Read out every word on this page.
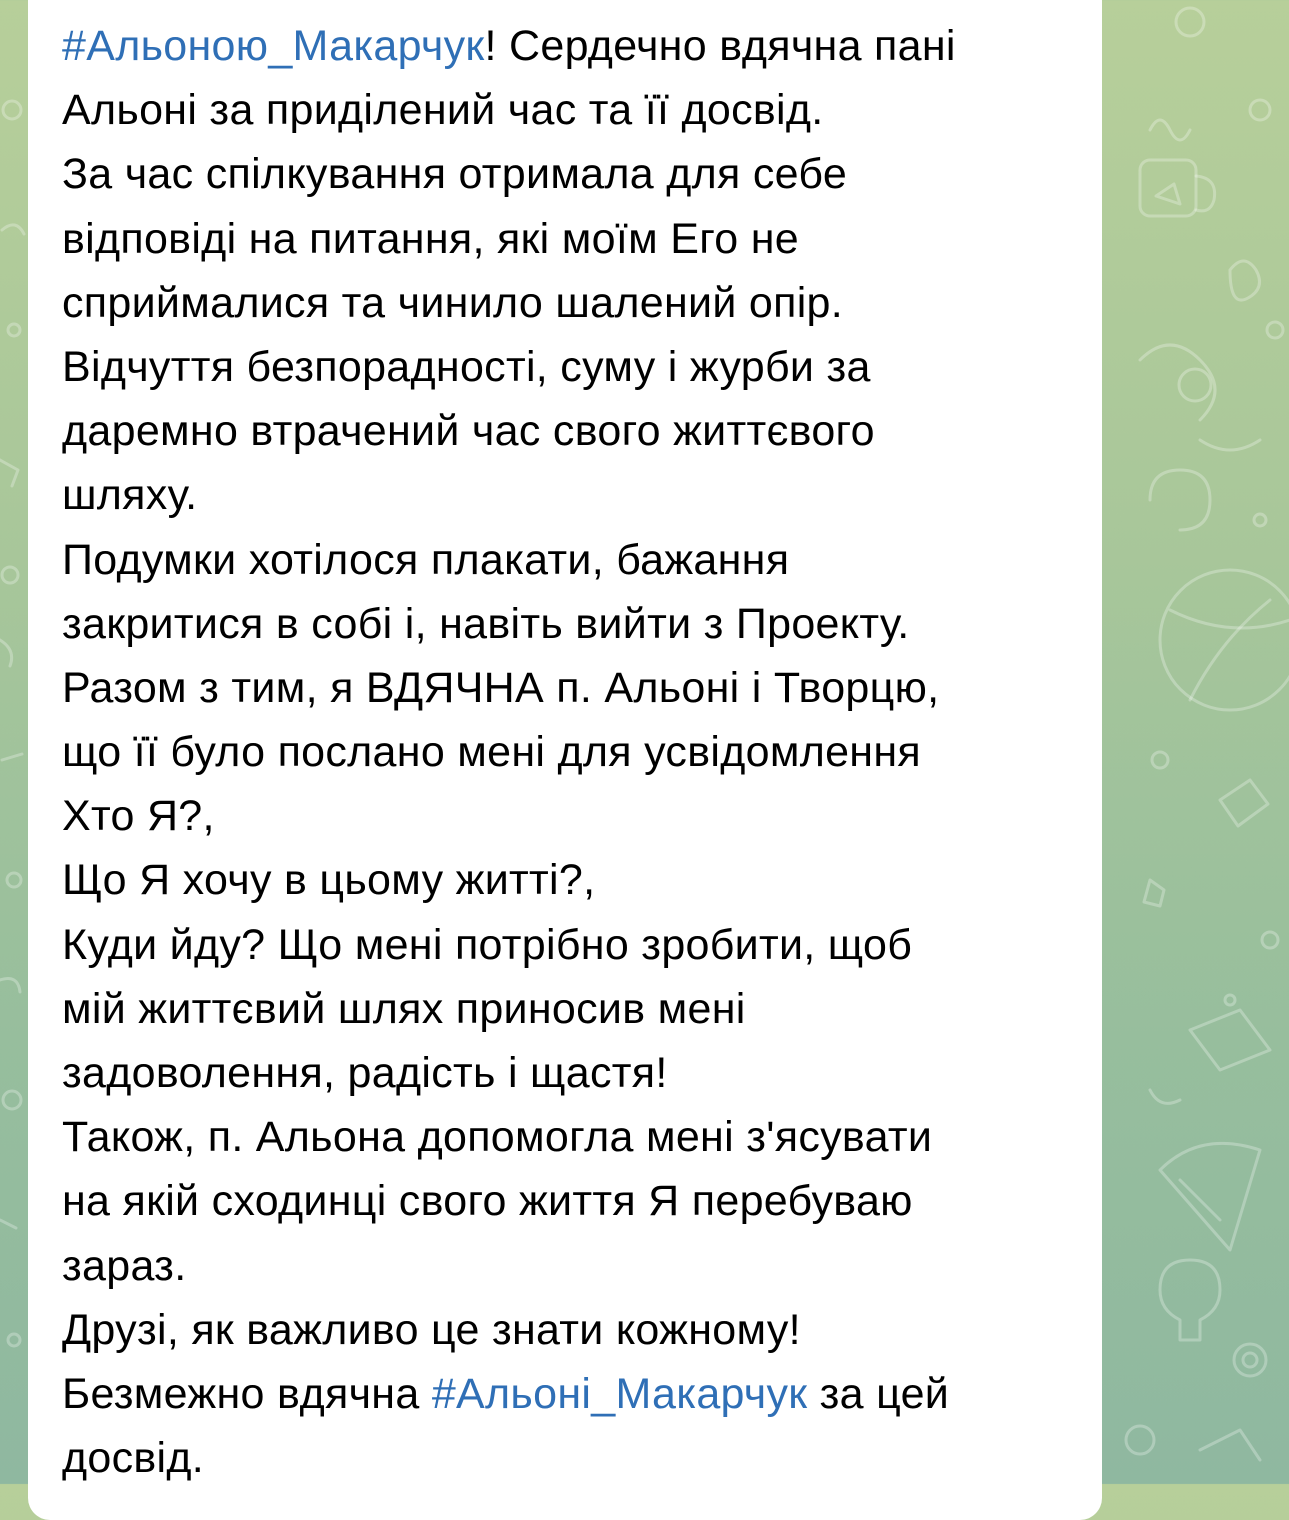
#Альоною_Макарчук! Сердечно вдячна пані
Альоні за приділений час та її досвід.
За час спілкування отримала для себе
відповіді на питання, які моїм Его не
сприймалися та чинило шалений опір.
Відчуття безпорадності, суму і журби за
даремно втрачений час свого життєвого
шляху.
Подумки хотілося плакати, бажання
закритися в собі і, навіть вийти з Проекту.
Разом з тим, я ВДЯЧНА п. Альоні і Творцю,
що її було послано мені для усвідомлення
Хто Я?,
Що Я хочу в цьому житті?,
Куди йду? Що мені потрібно зробити, щоб
мій життєвий шлях приносив мені
задоволення, радість і щастя!
Також, п. Альона допомогла мені з'ясувати
на якій сходинці свого життя Я перебуваю
зараз.
Друзі, як важливо це знати кожному!
Безмежно вдячна #Альоні_Макарчук за цей
досвід.
